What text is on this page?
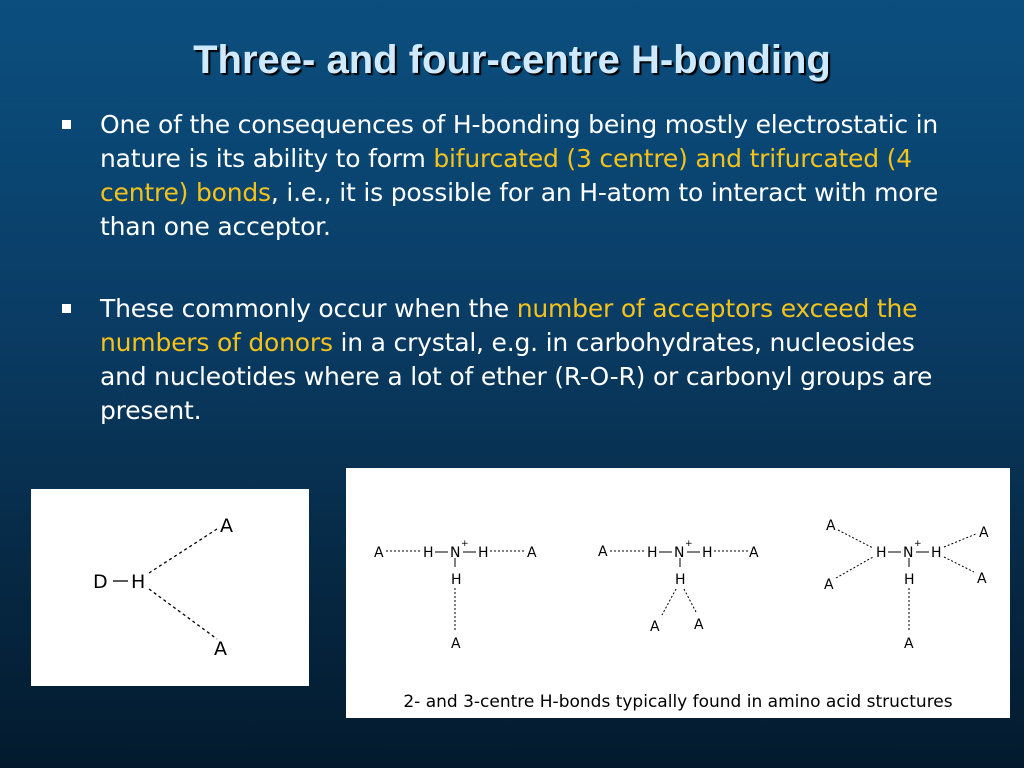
Three- and four-centre H-bonding
One of the consequences of H-bonding being mostly electrostatic in nature is its ability to form bifurcated (3 centre) and trifurcated (4 centre) bonds, i.e., it is possible for an H-atom to interact with more than one acceptor.
These commonly occur when the number of acceptors exceed the numbers of donors in a crystal, e.g. in carbohydrates, nucleosides and nucleotides where a lot of ether (R-O-R) or carbonyl groups are present.
D H
A
A
A	H N
+
H	A
H
A
A	H N
+
H	A
H
A A
A
A
H N
+
H
A
A
H
A
2- and 3-centre H-bonds typically found in amino acid structures
